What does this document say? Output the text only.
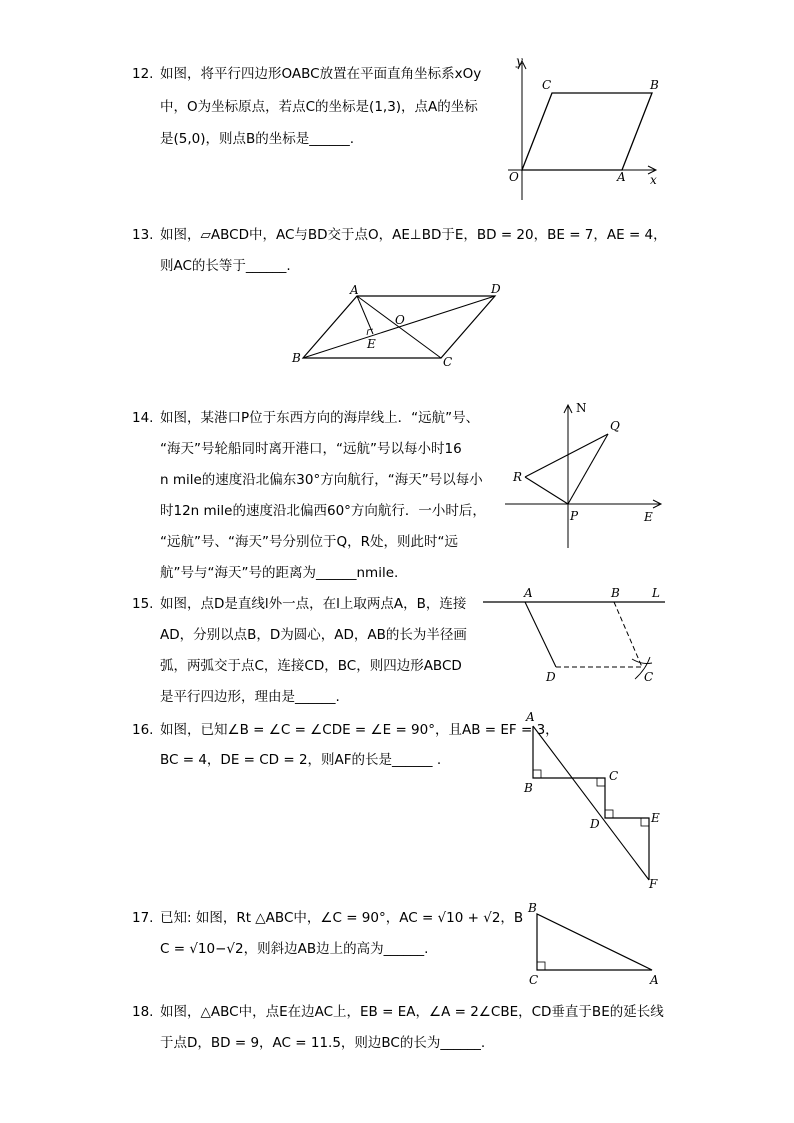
12. 如图，将平行四边形OABC放置在平面直角坐标系xOy
中，O为坐标原点，若点C的坐标是(1,3)，点A的坐标
是(5,0)，则点B的坐标是______.
y
x
O	A
B
C
13. 如图，▱ABCD中，AC与BD交于点O，AE⊥BD于E，BD = 20，BE = 7，AE = 4，
则AC的长等于______.
A
B	C
D
E
O
14. 如图，某港口P位于东西方向的海岸线上．“远航”号、
“海天”号轮船同时离开港口，“远航”号以每小时16
n mile的速度沿北偏东30°方向航行，“海天”号以每小
时12n mile的速度沿北偏西60°方向航行．一小时后，
“远航”号、“海天”号分别位于Q，R处，则此时“远
航”号与“海天”号的距离为______nmile.
N
Q
R
P	E
15. 如图，点D是直线l外一点，在l上取两点A，B，连接
AD，分别以点B，D为圆心，AD，AB的长为半径画
弧，两弧交于点C，连接CD，BC，则四边形ABCD
是平行四边形，理由是______.
A	B	L
D	C
16. 如图，已知∠B = ∠C = ∠CDE = ∠E = 90°，且AB = EF = 3，
BC = 4，DE = CD = 2，则AF的长是______ .
A
B
C
D	E
F
17. 已知: 如图，Rt △ABC中，∠C = 90°，AC = √10 + √2，B
C = √10−√2，则斜边AB边上的高为______.
B
C	A
18. 如图，△ABC中，点E在边AC上，EB = EA，∠A = 2∠CBE，CD垂直于BE的延长线
于点D，BD = 9，AC = 11.5，则边BC的长为______.
